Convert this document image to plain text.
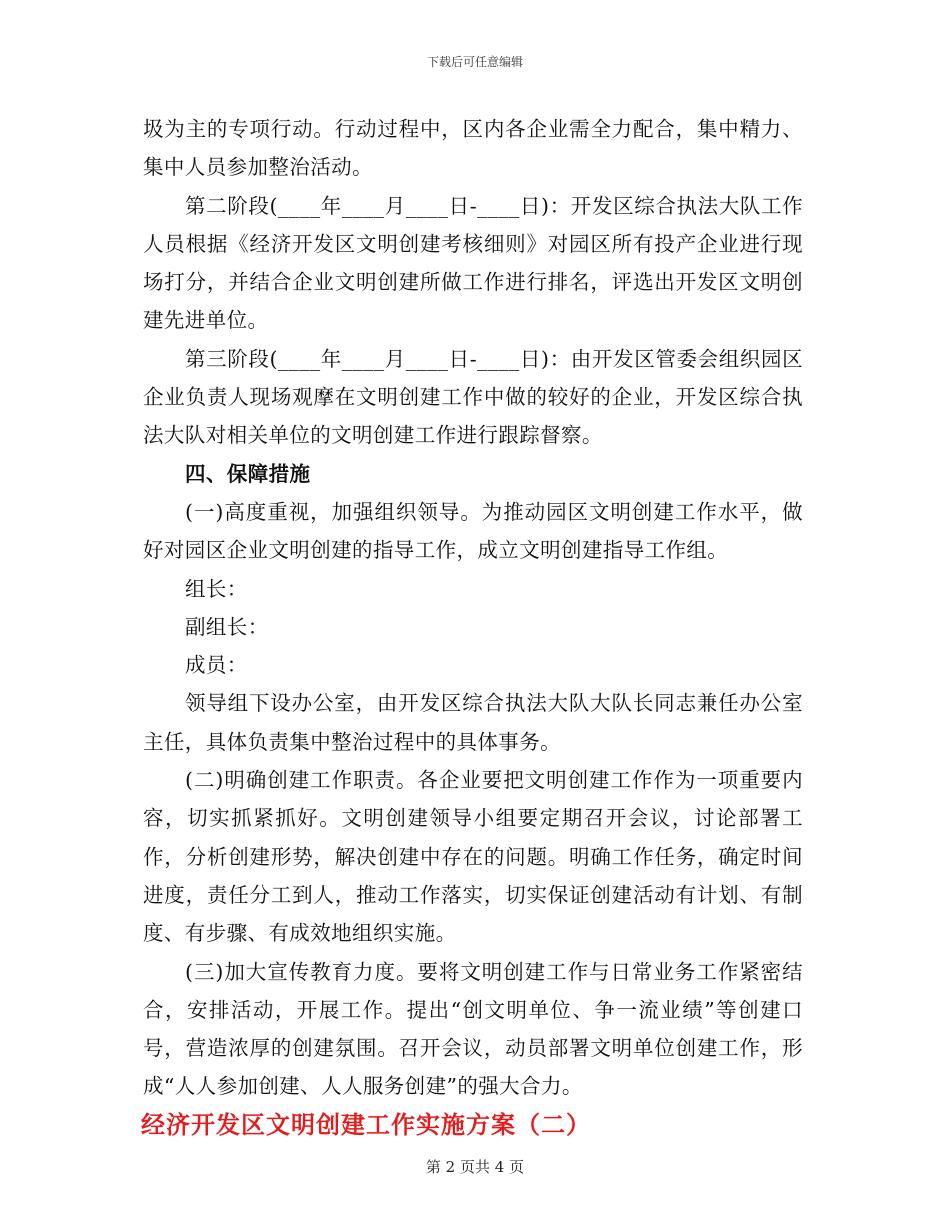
下载后可任意编辑

圾为主的专项行动。行动过程中，区内各企业需全力配合，集中精力、集中人员参加整治活动。

第二阶段(____年____月____日-____日)：开发区综合执法大队工作人员根据《经济开发区文明创建考核细则》对园区所有投产企业进行现场打分，并结合企业文明创建所做工作进行排名，评选出开发区文明创建先进单位。

第三阶段(____年____月____日-____日)：由开发区管委会组织园区企业负责人现场观摩在文明创建工作中做的较好的企业，开发区综合执法大队对相关单位的文明创建工作进行跟踪督察。

四、保障措施

(一)高度重视，加强组织领导。为推动园区文明创建工作水平，做好对园区企业文明创建的指导工作，成立文明创建指导工作组。

组长：

副组长：

成员：

领导组下设办公室，由开发区综合执法大队大队长同志兼任办公室主任，具体负责集中整治过程中的具体事务。

(二)明确创建工作职责。各企业要把文明创建工作作为一项重要内容，切实抓紧抓好。文明创建领导小组要定期召开会议，讨论部署工作，分析创建形势，解决创建中存在的问题。明确工作任务，确定时间进度，责任分工到人，推动工作落实，切实保证创建活动有计划、有制度、有步骤、有成效地组织实施。

(三)加大宣传教育力度。要将文明创建工作与日常业务工作紧密结合，安排活动，开展工作。提出“创文明单位、争一流业绩”等创建口号，营造浓厚的创建氛围。召开会议，动员部署文明单位创建工作，形成“人人参加创建、人人服务创建”的强大合力。

经济开发区文明创建工作实施方案（二）

第 2 页共 4 页
